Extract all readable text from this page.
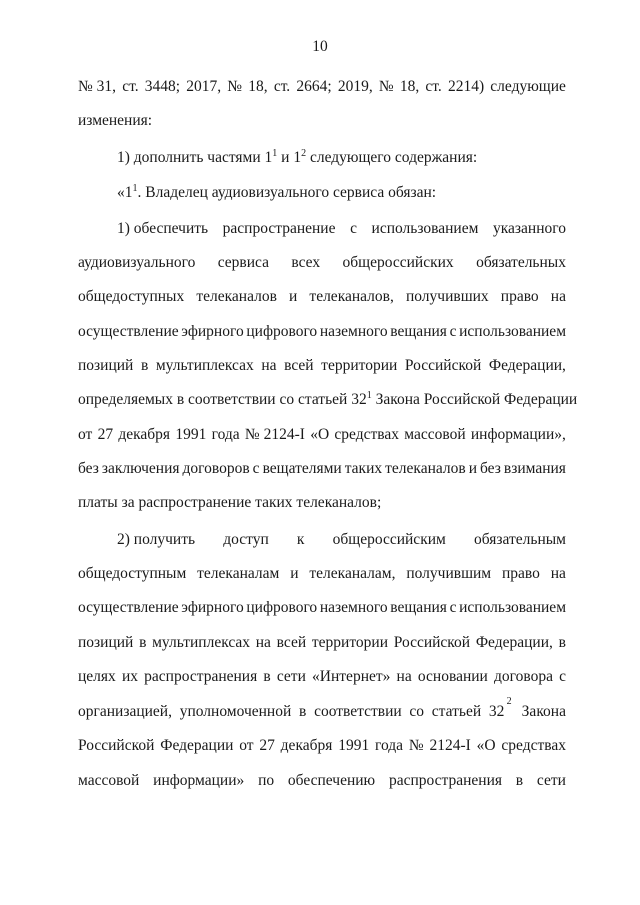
10
№ 31, ст. 3448; 2017, № 18, ст. 2664; 2019, № 18, ст. 2214) следующие
изменения:
1) дополнить частями $1^1$ и $1^2$ следующего содержания:
«$1^1$. Владелец аудиовизуального сервиса обязан:
1) обеспечить распространение с использованием указанного
аудиовизуального сервиса всех общероссийских обязательных
общедоступных телеканалов и телеканалов, получивших право на
осуществление эфирного цифрового наземного вещания с использованием
позиций в мультиплексах на всей территории Российской Федерации,
определяемых в соответствии со статьей $32^1$ Закона Российской Федерации
от 27 декабря 1991 года № 2124-I «О средствах массовой информации»,
без заключения договоров с вещателями таких телеканалов и без взимания
платы за распространение таких телеканалов;
2) получить доступ к общероссийским обязательным
общедоступным телеканалам и телеканалам, получившим право на
осуществление эфирного цифрового наземного вещания с использованием
позиций в мультиплексах на всей территории Российской Федерации, в
целях их распространения в сети «Интернет» на основании договора с
организацией,  уполномоченной  в  соответствии  со  статьей  32
2
Закона
Российской Федерации от 27 декабря 1991 года № 2124-I «О средствах
массовой информации» по обеспечению распространения в сети
